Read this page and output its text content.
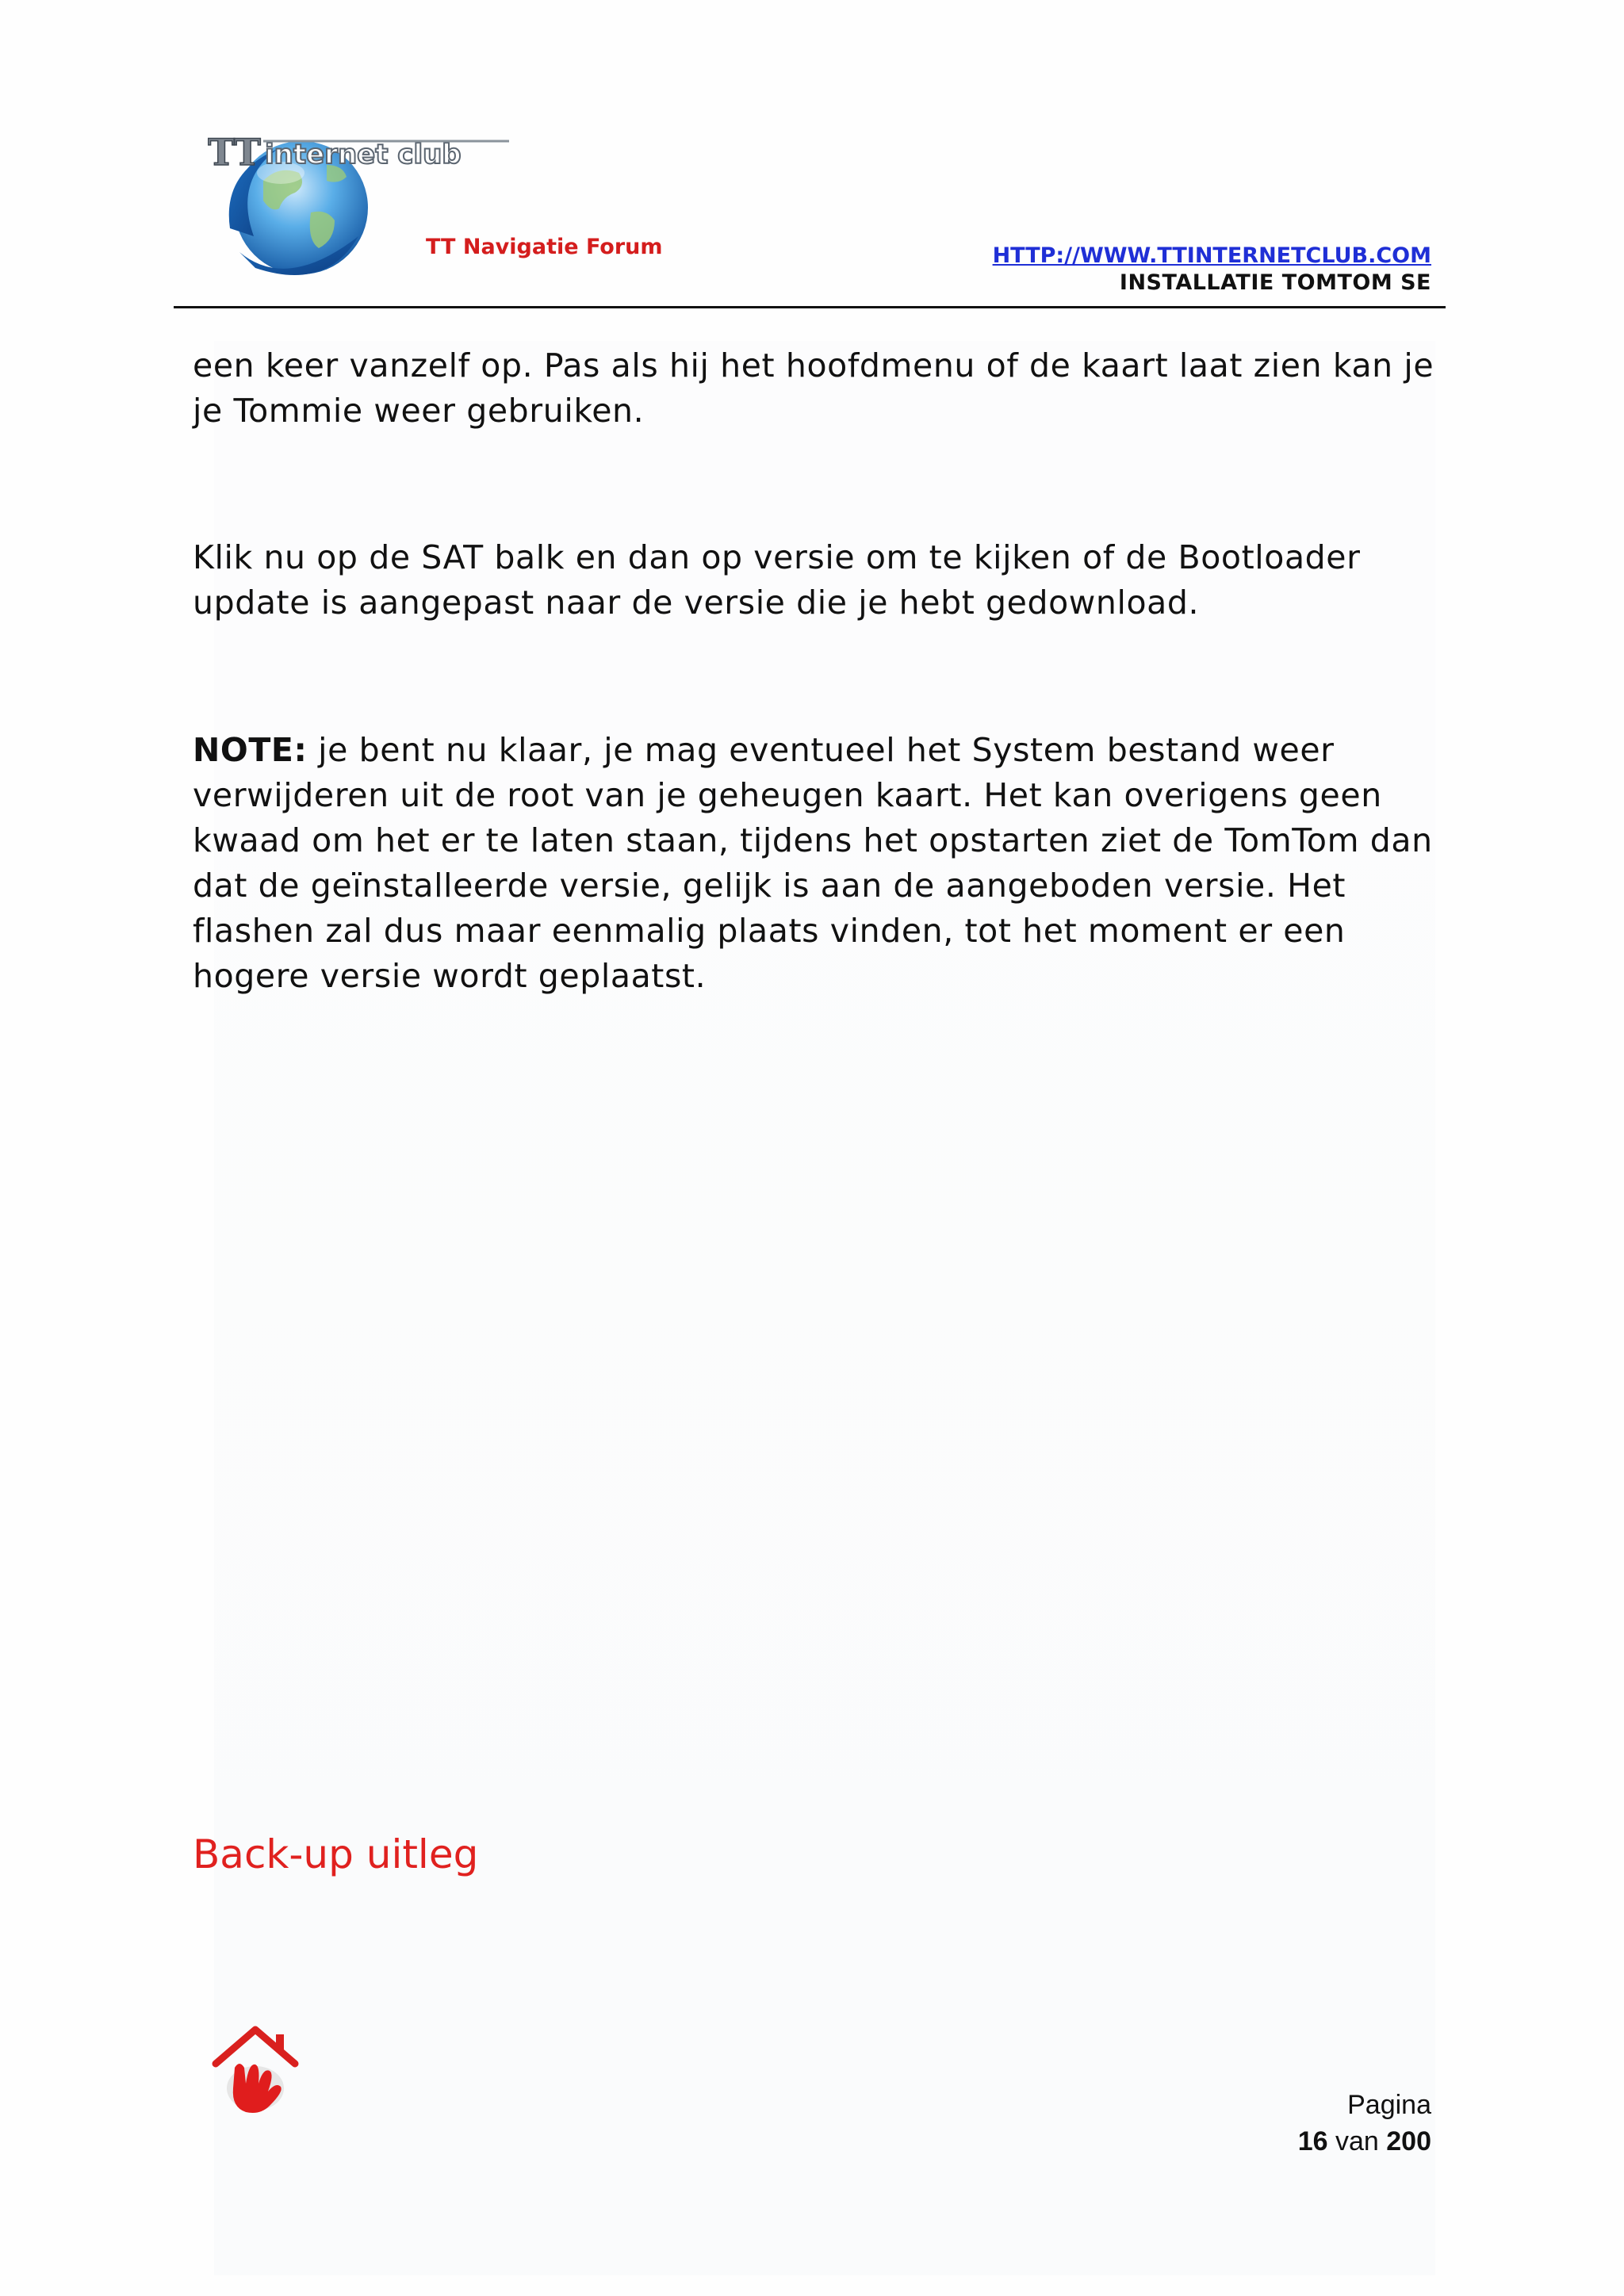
TT internet club
TT Navigatie Forum	HTTP://WWW.TTINTERNETCLUB.COM
INSTALLATIE TOMTOM SE

een keer vanzelf op. Pas als hij het hoofdmenu of de kaart laat zien kan je je Tommie weer gebruiken.

Klik nu op de SAT balk en dan op versie om te kijken of de Bootloader update is aangepast naar de versie die je hebt gedownload.

NOTE: je bent nu klaar, je mag eventueel het System bestand weer verwijderen uit de root van je geheugen kaart. Het kan overigens geen kwaad om het er te laten staan, tijdens het opstarten ziet de TomTom dan dat de geïnstalleerde versie, gelijk is aan de aangeboden versie. Het flashen zal dus maar eenmalig plaats vinden, tot het moment er een hogere versie wordt geplaatst.

Back-up uitleg
Pagina
16 van 200
